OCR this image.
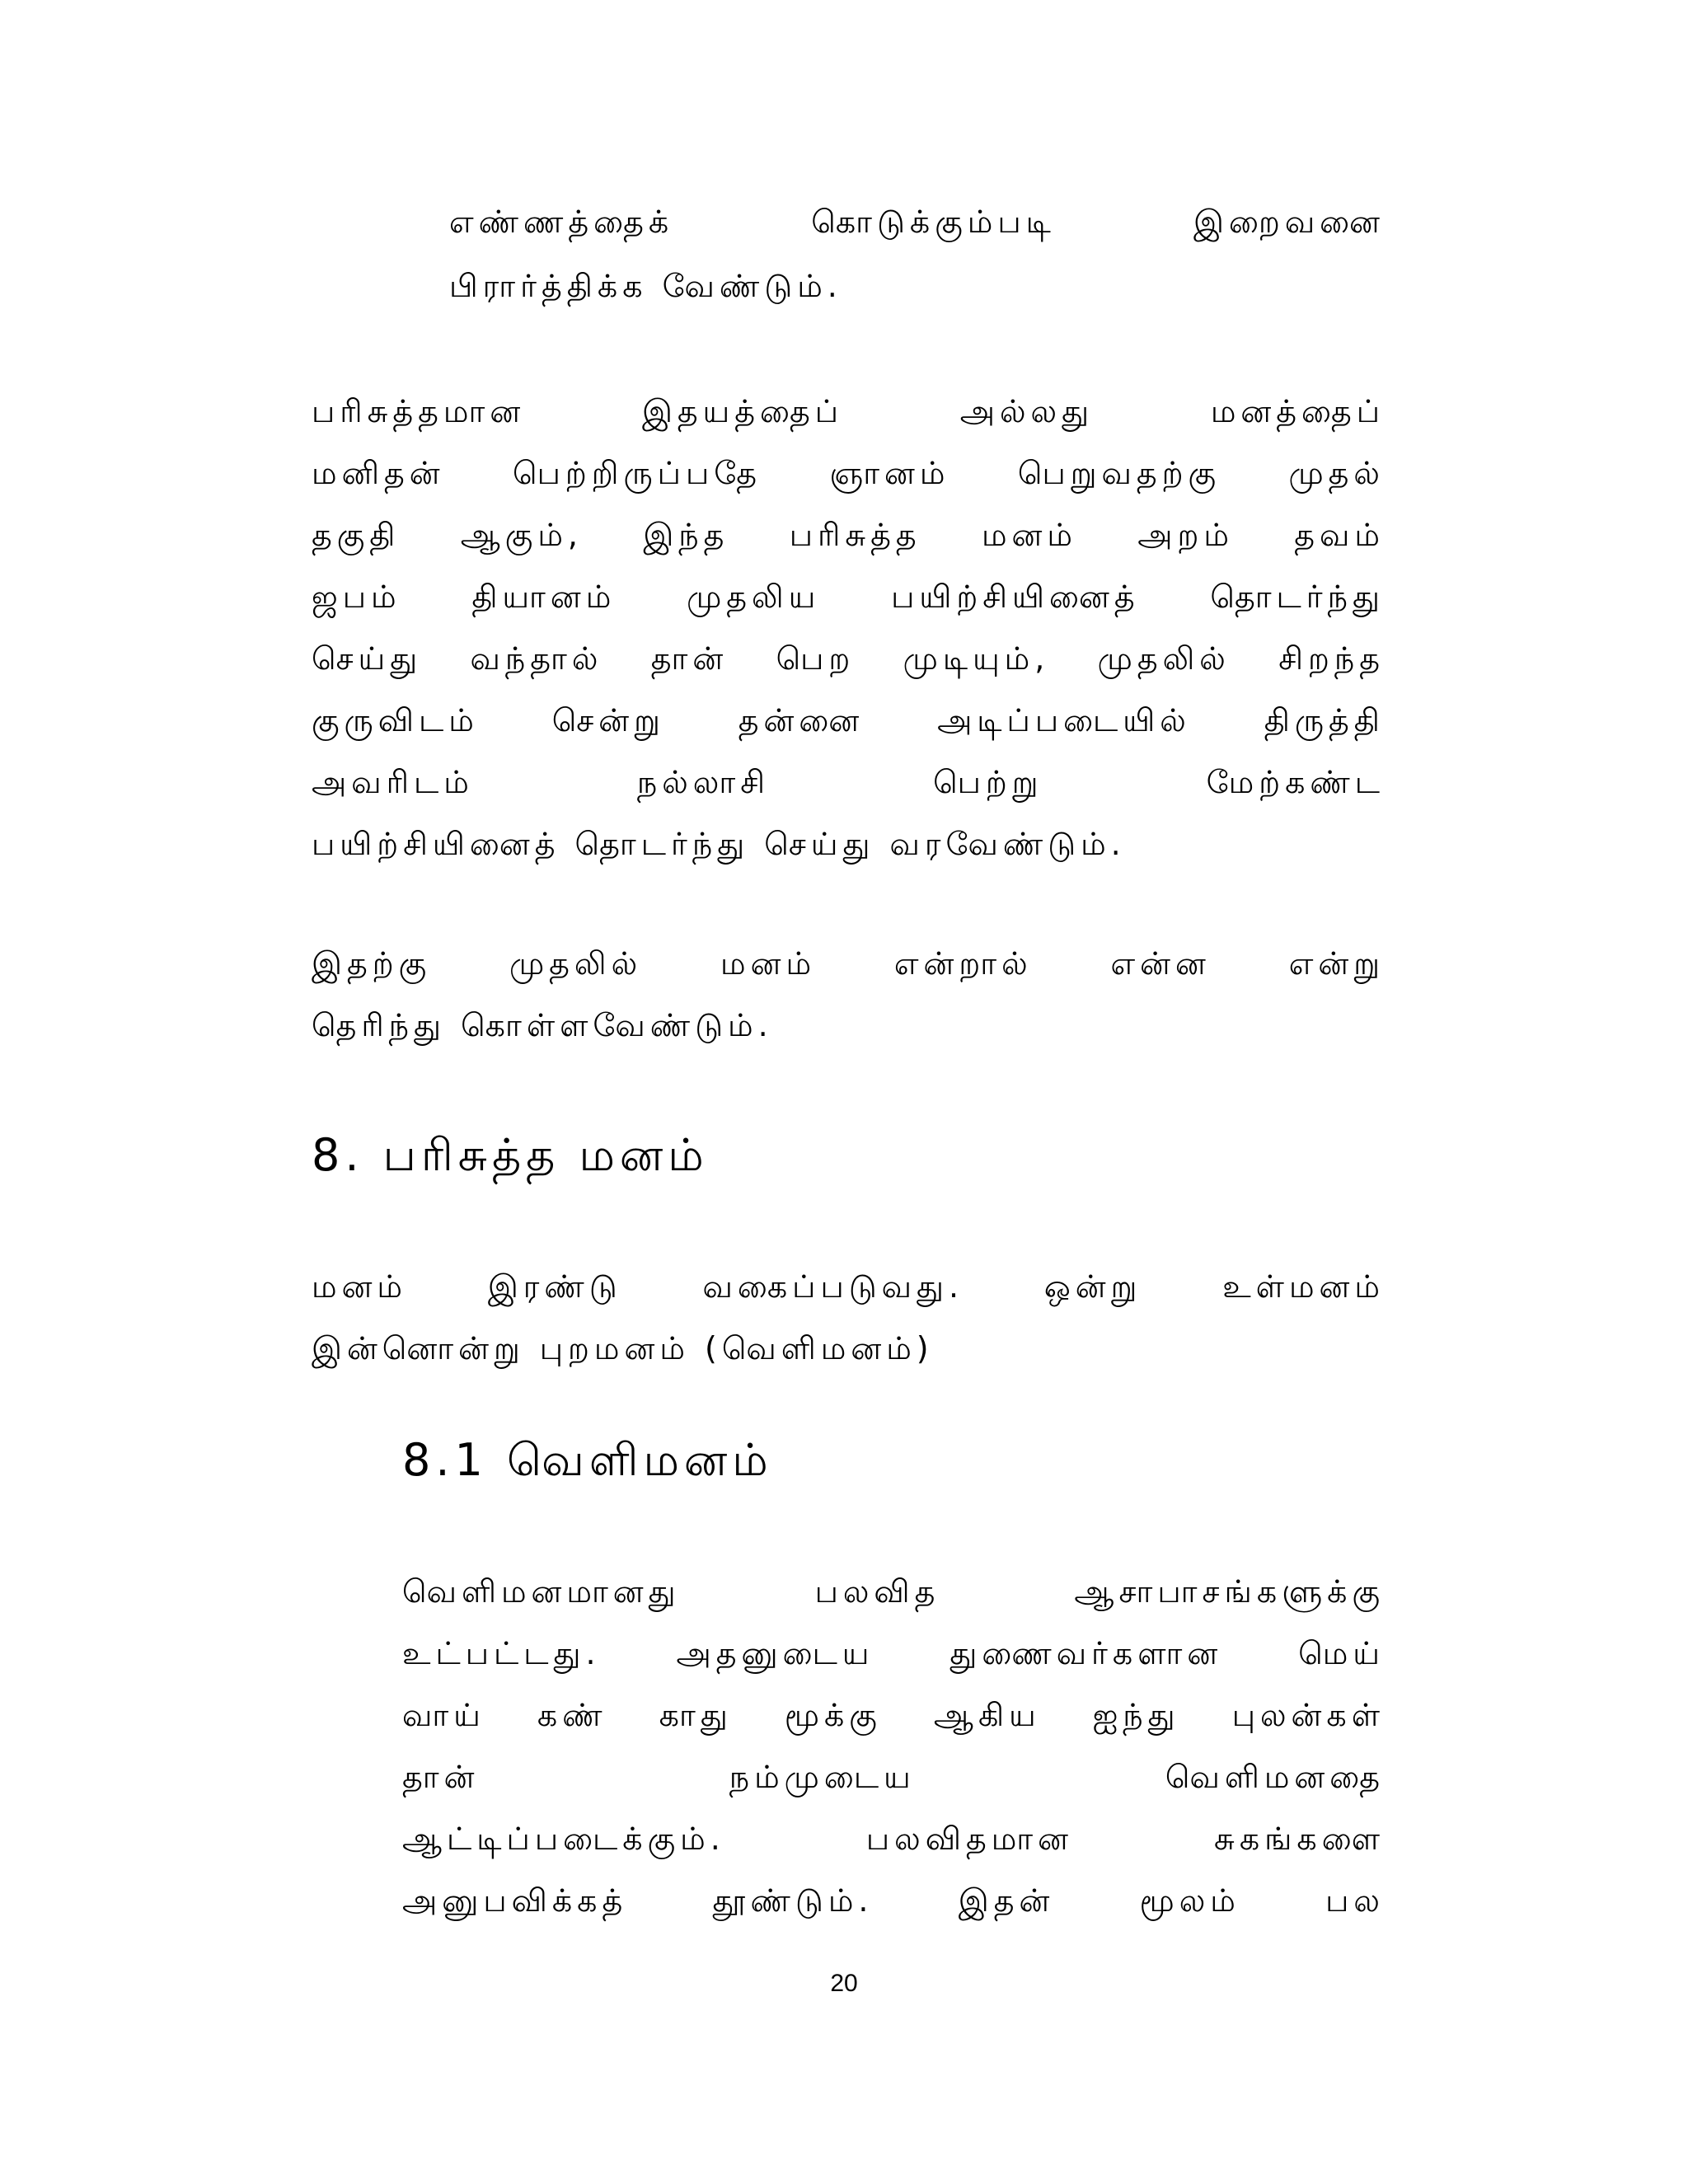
எண்ணத்தைக்	கொடுக்கும்படி	இறைவனை
பிரார்த்திக்க வேண்டும்.
பரிசுத்தமான	இதயத்தைப்	அல்லது	மனத்தைப்
மனிதன் பெற்றிருப்பதே ஞானம் பெறுவதற்கு முதல்
தகுதி ஆகும், இந்த பரிசுத்த மனம் அறம் தவம்
ஜபம் தியானம் முதலிய பயிற்சியினைத் தொடர்ந்து
செய்து வந்தால் தான் பெற முடியும், முதலில் சிறந்த
குருவிடம் சென்று தன்னை அடிப்படையில் திருத்தி
அவரிடம்	நல்லாசி	பெற்று	மேற்கண்ட
பயிற்சியினைத் தொடர்ந்து செய்து வரவேண்டும்.
இதற்கு முதலில் மனம் என்றால் என்ன என்று
தெரிந்து கொள்ளவேண்டும்.
8. பரிசுத்த மனம்
மனம்	இரண்டு	வகைப்படுவது.	ஒன்று	உள்மனம்
இன்னொன்று புறமனம் (வெளிமனம்)
8.1 வெளிமனம்
வெளிமனமானது	பலவித	ஆசாபாசங்களுக்கு
உட்பட்டது. அதனுடைய துணைவர்களான மெய்
வாய் கண் காது மூக்கு ஆகிய ஐந்து புலன்கள்
தான்	நம்முடைய	வெளிமனதை
ஆட்டிப்படைக்கும்.	பலவிதமான	சுகங்களை
அனுபவிக்கத்	தூண்டும்.	இதன்	மூலம்	பல
20
